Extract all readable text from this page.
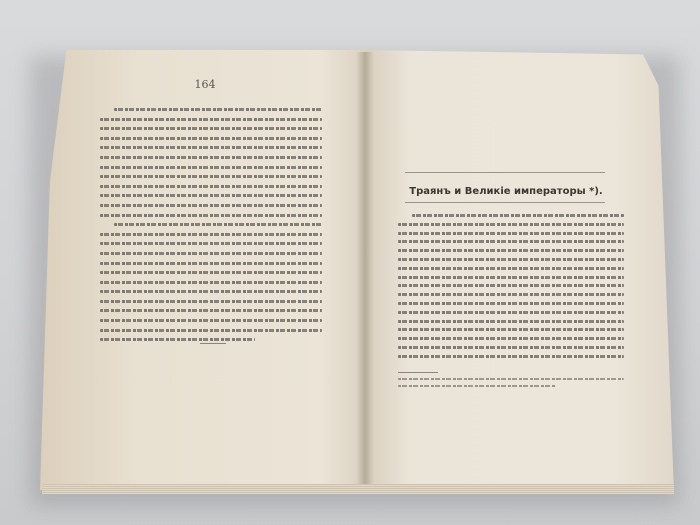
164
Траянъ и Великіе императоры *).
